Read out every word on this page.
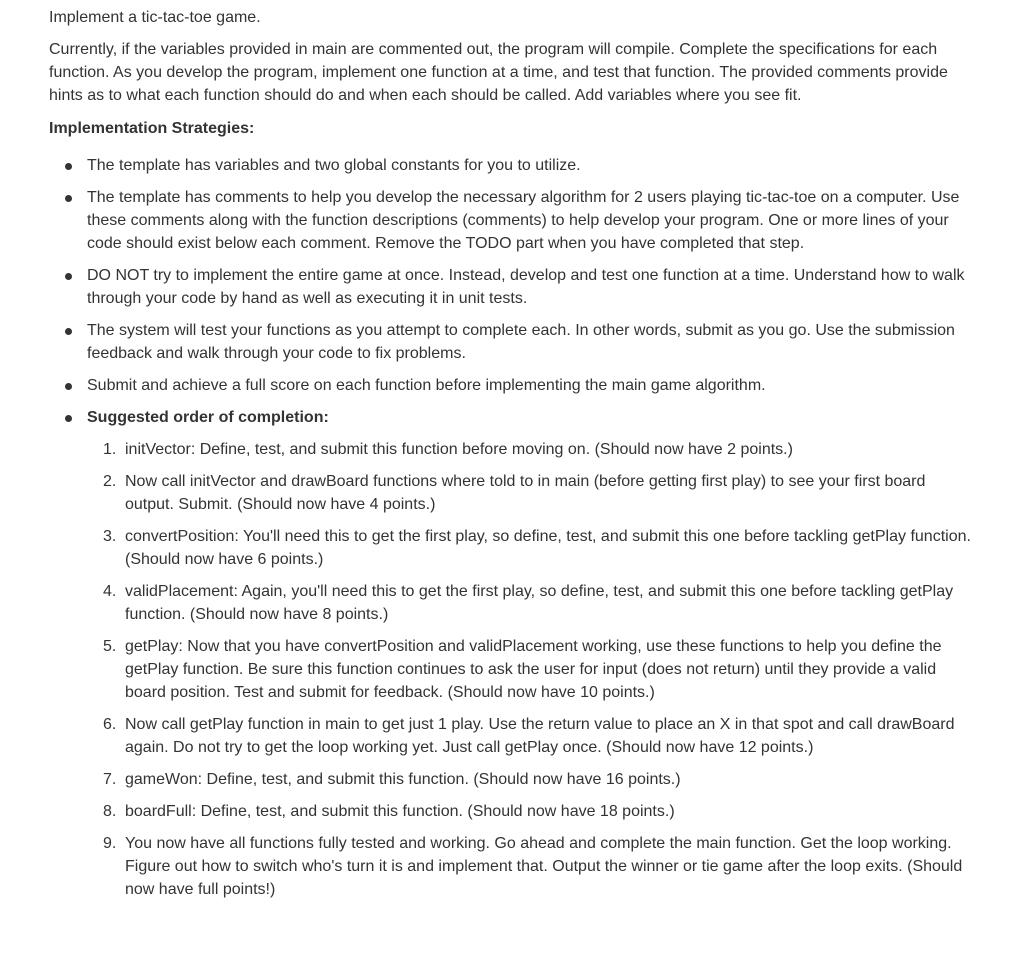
Implement a tic-tac-toe game.

Currently, if the variables provided in main are commented out, the program will compile. Complete the specifications for each function. As you develop the program, implement one function at a time, and test that function. The provided comments provide hints as to what each function should do and when each should be called. Add variables where you see fit.

Implementation Strategies:

The template has variables and two global constants for you to utilize.
The template has comments to help you develop the necessary algorithm for 2 users playing tic-tac-toe on a computer. Use these comments along with the function descriptions (comments) to help develop your program. One or more lines of your code should exist below each comment. Remove the TODO part when you have completed that step.
DO NOT try to implement the entire game at once. Instead, develop and test one function at a time. Understand how to walk through your code by hand as well as executing it in unit tests.
The system will test your functions as you attempt to complete each. In other words, submit as you go. Use the submission feedback and walk through your code to fix problems.
Submit and achieve a full score on each function before implementing the main game algorithm.
Suggested order of completion:
1. initVector: Define, test, and submit this function before moving on. (Should now have 2 points.)
2. Now call initVector and drawBoard functions where told to in main (before getting first play) to see your first board output. Submit. (Should now have 4 points.)
3. convertPosition: You'll need this to get the first play, so define, test, and submit this one before tackling getPlay function. (Should now have 6 points.)
4. validPlacement: Again, you'll need this to get the first play, so define, test, and submit this one before tackling getPlay function. (Should now have 8 points.)
5. getPlay: Now that you have convertPosition and validPlacement working, use these functions to help you define the getPlay function. Be sure this function continues to ask the user for input (does not return) until they provide a valid board position. Test and submit for feedback. (Should now have 10 points.)
6. Now call getPlay function in main to get just 1 play. Use the return value to place an X in that spot and call drawBoard again. Do not try to get the loop working yet. Just call getPlay once. (Should now have 12 points.)
7. gameWon: Define, test, and submit this function. (Should now have 16 points.)
8. boardFull: Define, test, and submit this function. (Should now have 18 points.)
9. You now have all functions fully tested and working. Go ahead and complete the main function. Get the loop working. Figure out how to switch who's turn it is and implement that. Output the winner or tie game after the loop exits. (Should now have full points!)
